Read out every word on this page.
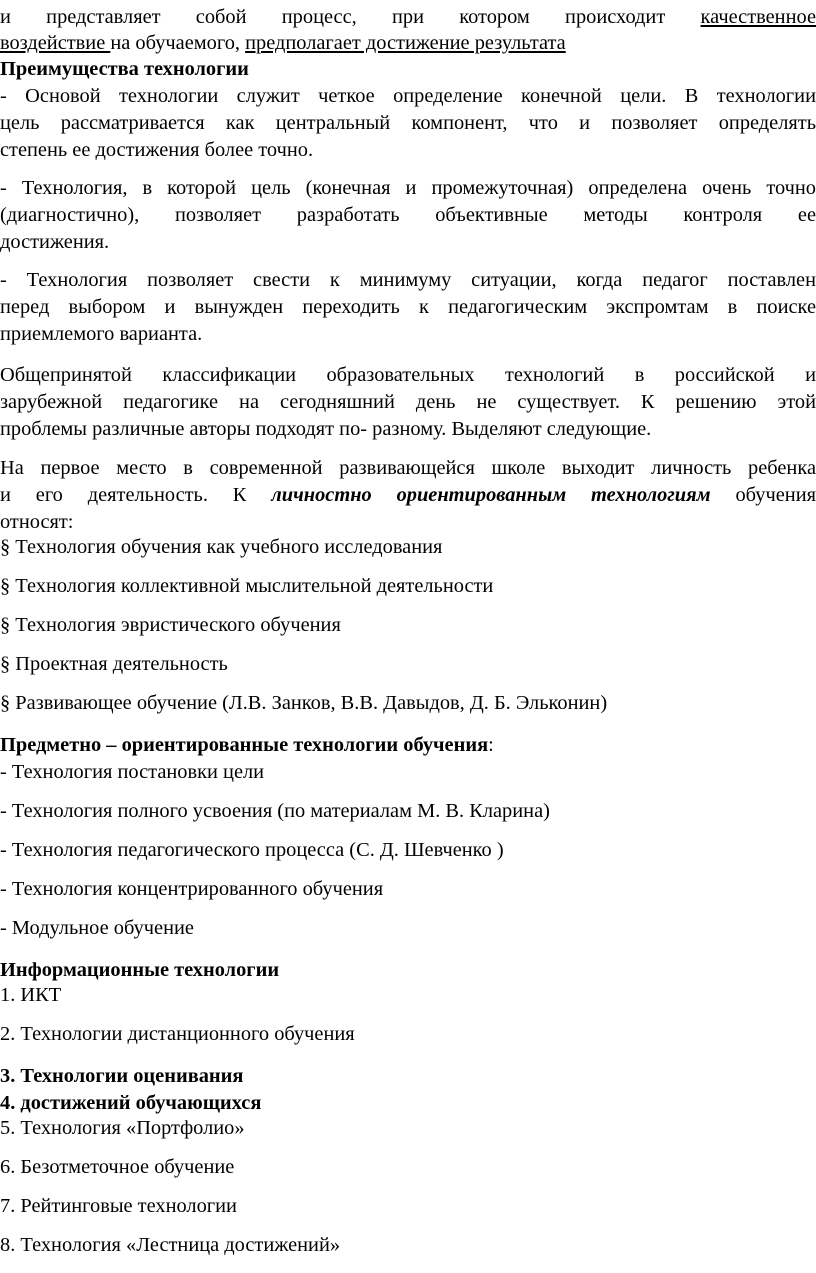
и представляет собой процесс, при котором происходит качественное
воздействие на обучаемого, предполагает достижение результата
Преимущества технологии
- Основой технологии служит четкое определение конечной цели. В технологии
цель рассматривается как центральный компонент, что и позволяет определять
степень ее достижения более точно.
- Технология, в которой цель (конечная и промежуточная) определена очень точно
(диагностично), позволяет разработать объективные методы контроля ее
достижения.
- Технология позволяет свести к минимуму ситуации, когда педагог поставлен
перед выбором и вынужден переходить к педагогическим экспромтам в поиске
приемлемого варианта.
Общепринятой классификации образовательных технологий в российской и
зарубежной педагогике на сегодняшний день не существует. К решению этой
проблемы различные авторы подходят по- разному. Выделяют следующие.
На первое место в современной развивающейся школе выходит личность ребенка
и его деятельность. К личностно ориентированным технологиям обучения
относят:
§ Технология обучения как учебного исследования
§ Технология коллективной мыслительной деятельности
§ Технология эвристического обучения
§ Проектная деятельность
§ Развивающее обучение (Л.В. Занков, В.В. Давыдов, Д. Б. Эльконин)
Предметно – ориентированные технологии обучения:
- Технология постановки цели
- Технология полного усвоения (по материалам М. В. Кларина)
- Технология педагогического процесса (С. Д. Шевченко )
- Технология концентрированного обучения
- Модульное обучение
Информационные технологии
1. ИКТ
2. Технологии дистанционного обучения
3. Технологии оценивания
4. достижений обучающихся
5. Технология «Портфолио»
6. Безотметочное обучение
7. Рейтинговые технологии
8. Технология «Лестница достижений»
